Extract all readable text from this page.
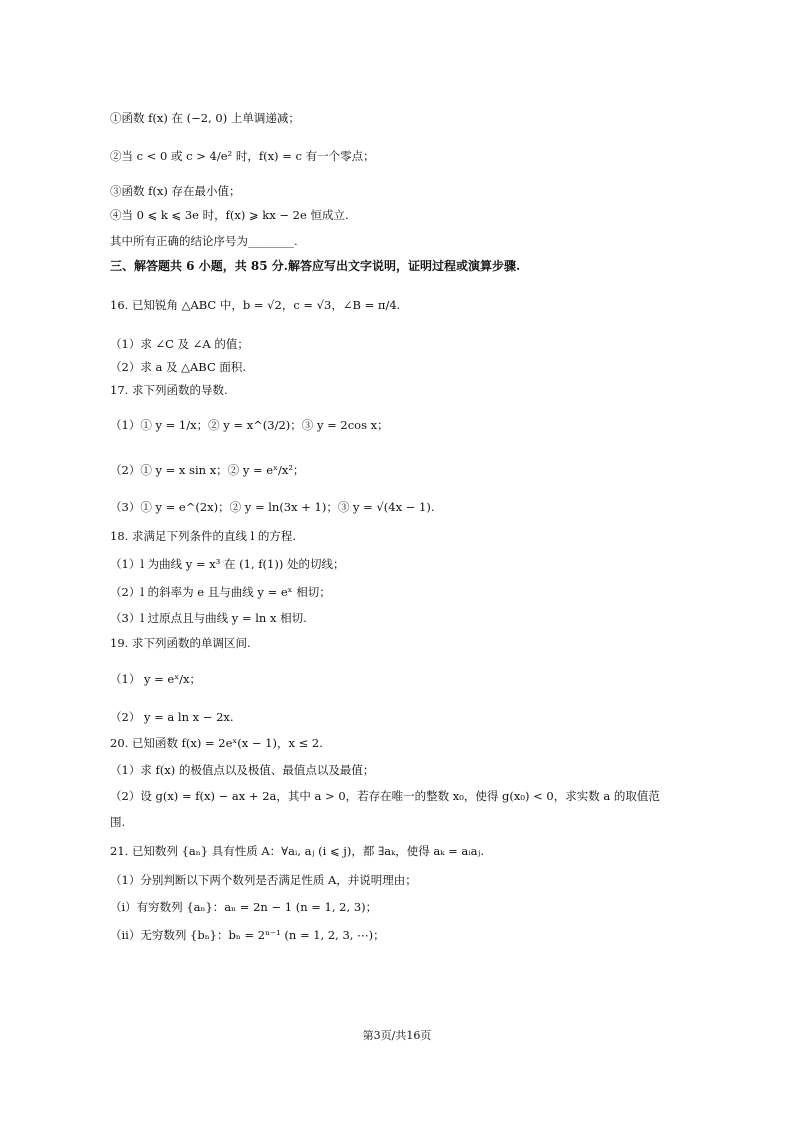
①函数 f(x) 在 (−2, 0) 上单调递减；
②当 c < 0 或 c > 4/e² 时，f(x) = c 有一个零点；
③函数 f(x) 存在最小值；
④当 0 ⩽ k ⩽ 3e 时，f(x) ⩾ kx − 2e 恒成立.
其中所有正确的结论序号为________.
三、解答题共 6 小题，共 85 分.解答应写出文字说明，证明过程或演算步骤.
16. 已知锐角 △ABC 中，b = √2，c = √3，∠B = π/4.
（1）求 ∠C 及 ∠A 的值；
（2）求 a 及 △ABC 面积.
17. 求下列函数的导数.
（1）① y = 1/x；② y = x^(3/2)；③ y = 2cos x；
（2）① y = x sin x；② y = eˣ/x²；
（3）① y = e^(2x)；② y = ln(3x + 1)；③ y = √(4x − 1).
18. 求满足下列条件的直线 l 的方程.
（1）l 为曲线 y = x³ 在 (1, f(1)) 处的切线；
（2）l 的斜率为 e 且与曲线 y = eˣ 相切；
（3）l 过原点且与曲线 y = ln x 相切.
19. 求下列函数的单调区间.
（1） y = eˣ/x；
（2） y = a ln x − 2x.
20. 已知函数 f(x) = 2eˣ(x − 1)，x ≤ 2.
（1）求 f(x) 的极值点以及极值、最值点以及最值；
（2）设 g(x) = f(x) − ax + 2a，其中 a > 0，若存在唯一的整数 x₀，使得 g(x₀) < 0，求实数 a 的取值范
围.
21. 已知数列 {aₙ} 具有性质 A：∀aᵢ, aⱼ (i ⩽ j)，都 ∃aₖ，使得 aₖ = aᵢaⱼ.
（1）分别判断以下两个数列是否满足性质 A，并说明理由；
（i）有穷数列 {aₙ}：aₙ = 2n − 1 (n = 1, 2, 3)；
（ii）无穷数列 {bₙ}：bₙ = 2ⁿ⁻¹ (n = 1, 2, 3, ⋯)；
第3页/共16页
